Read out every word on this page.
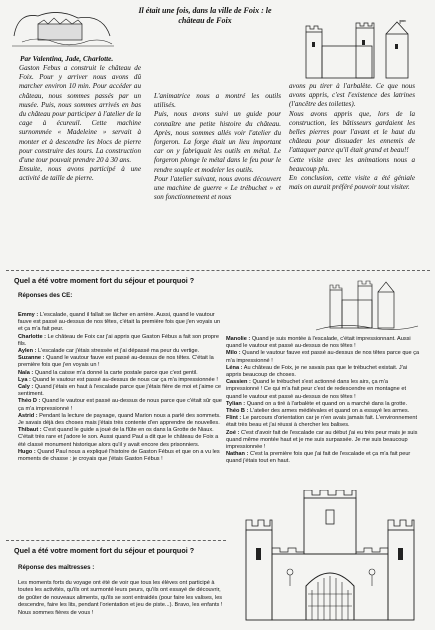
Il était une fois, dans la ville de Foix : le château de Foix
Par Valentina, Jade, Charlotte.

Gaston Febus a construit le château de Foix. Pour y arriver nous avons dû marcher environ 10 min. Pour accéder au château, nous sommes passés par un musée. Puis, nous sommes arrivés en bas du château pour participer à l'atelier de la cage à écureuil. Cette machine surnommée « Madeleine » servait à monter et à descendre les blocs de pierre pour construire des tours. La construction d'une tour pouvait prendre 20 à 30 ans.

Ensuite, nous avons participé à une activité de taille de pierre.

L'animatrice nous a montré les outils utilisés.

Puis, nous avons suivi un guide pour connaître une petite histoire du château. Après, nous sommes allés voir l'atelier du forgeron. La forge était un lieu important car on y fabriquait les outils en métal. Le forgeron plonge le métal dans le feu pour le rendre souple et modeler les outils.

Pour l'atelier suivant, nous avons découvert une machine de guerre « Le trébuchet » et son fonctionnement et nous

avons pu tirer à l'arbalète. Ce que nous avons appris, c'est l'existence des latrines (l'ancêtre des toilettes).

Nous avons appris que, lors de la construction, les bâtisseurs gardaient les belles pierres pour l'avant et le haut du château pour dissuader les ennemis de l'attaquer parce qu'il était grand et beau!!

Cette visite avec les animations nous a beaucoup plu.

En conclusion, cette visite a été géniale mais on aurait préféré pouvoir tout visiter.

Quel a été votre moment fort du séjour et pourquoi ?
Réponses des CE:
Emmy : L'escalade, quand il fallait se lâcher en arrière. Aussi, quand le vautour fauve est passé au-dessus de nos têtes, c'était la première fois que j'en voyais un et ça m'a fait peur.
Charlotte : Le château de Foix car j'ai appris que Gaston Fébus a fait son propre fils.
Aylen : L'escalade car j'étais stressée et j'ai dépassé ma peur du vertige.
Suzanne : Quand le vautour fauve est passé au-dessus de nos têtes. C'était la première fois que j'en voyais un !
Naïa : Quand la caisse m'a donné la carte postale parce que c'est gentil.
Lya : Quand le vautour est passé au-dessus de nous car ça m'a impressionnée !
Caly : Quand j'étais en haut à l'escalade parce que j'étais fière de moi et j'aime ce sentiment.
Théo D : Quand le vautour est passé au-dessus de nous parce que c'était sûr que ça m'a impressionné !
Astrid : Pendant la lecture de paysage, quand Marion nous a parlé des sommets. Je savais déjà des choses mais j'étais très contente d'en apprendre de nouvelles.
Thibaut : C'est quand le guide a joué de la flûte en os dans la Grotte de Niaux. C'était très rare et j'adore le son. Aussi quand Paul a dit que le château de Foix a été classé monument historique alors qu'il y avait encore des prisonniers.
Hugo : Quand Paul nous a expliqué l'histoire de Gaston Fébus et que on a vu les moments de chasse : je croyais que j'étais Gaston Fébus !
Manolie : Quand je suis montée à l'escalade, c'était impressionnant. Aussi quand le vautour est passé au-dessus de nos têtes !
Milo : Quand le vautour fauve est passé au-dessus de nos têtes parce que ça m'a impressionné !
Léna : Au château de Foix, je ne savais pas que le trébuchet existait. J'ai appris beaucoup de choses.
Cassien : Quand le trébuchet s'est actionné dans les airs, ça m'a impressionné ! Ce qui m'a fait peur c'est de redescendre en montagne et quand le vautour est passé au-dessus de nos têtes !
Tylian : Quand on a tiré à l'arbalète et quand on a marché dans la grotte.
Théo B : L'atelier des armes médiévales et quand on a essayé les armes.
Flint : Le parcours d'orientation car je n'en avais jamais fait. L'environnement était très beau et j'ai réussi à chercher les balises.
Zoé : C'est d'avoir fait de l'escalade car au début j'ai eu très peur mais je suis quand même montée haut et je me suis surpassée. Je me suis beaucoup impressionnée !
Nathan : C'est la première fois que j'ai fait de l'escalade et ça m'a fait peur quand j'étais tout en haut.
Quel a été votre moment fort du séjour et pourquoi ?
Réponse des maîtresses :
Les moments forts du voyage ont été de voir que tous les élèves ont participé à toutes les activités, qu'ils ont surmonté leurs peurs, qu'ils ont essayé de découvrir, de goûter de nouveaux aliments, qu'ils se sont entraidés (pour faire les valises, les descendre, faire les lits, pendant l'orientation et jeu de piste...). Bravo, les enfants ! Nous sommes fières de vous !
